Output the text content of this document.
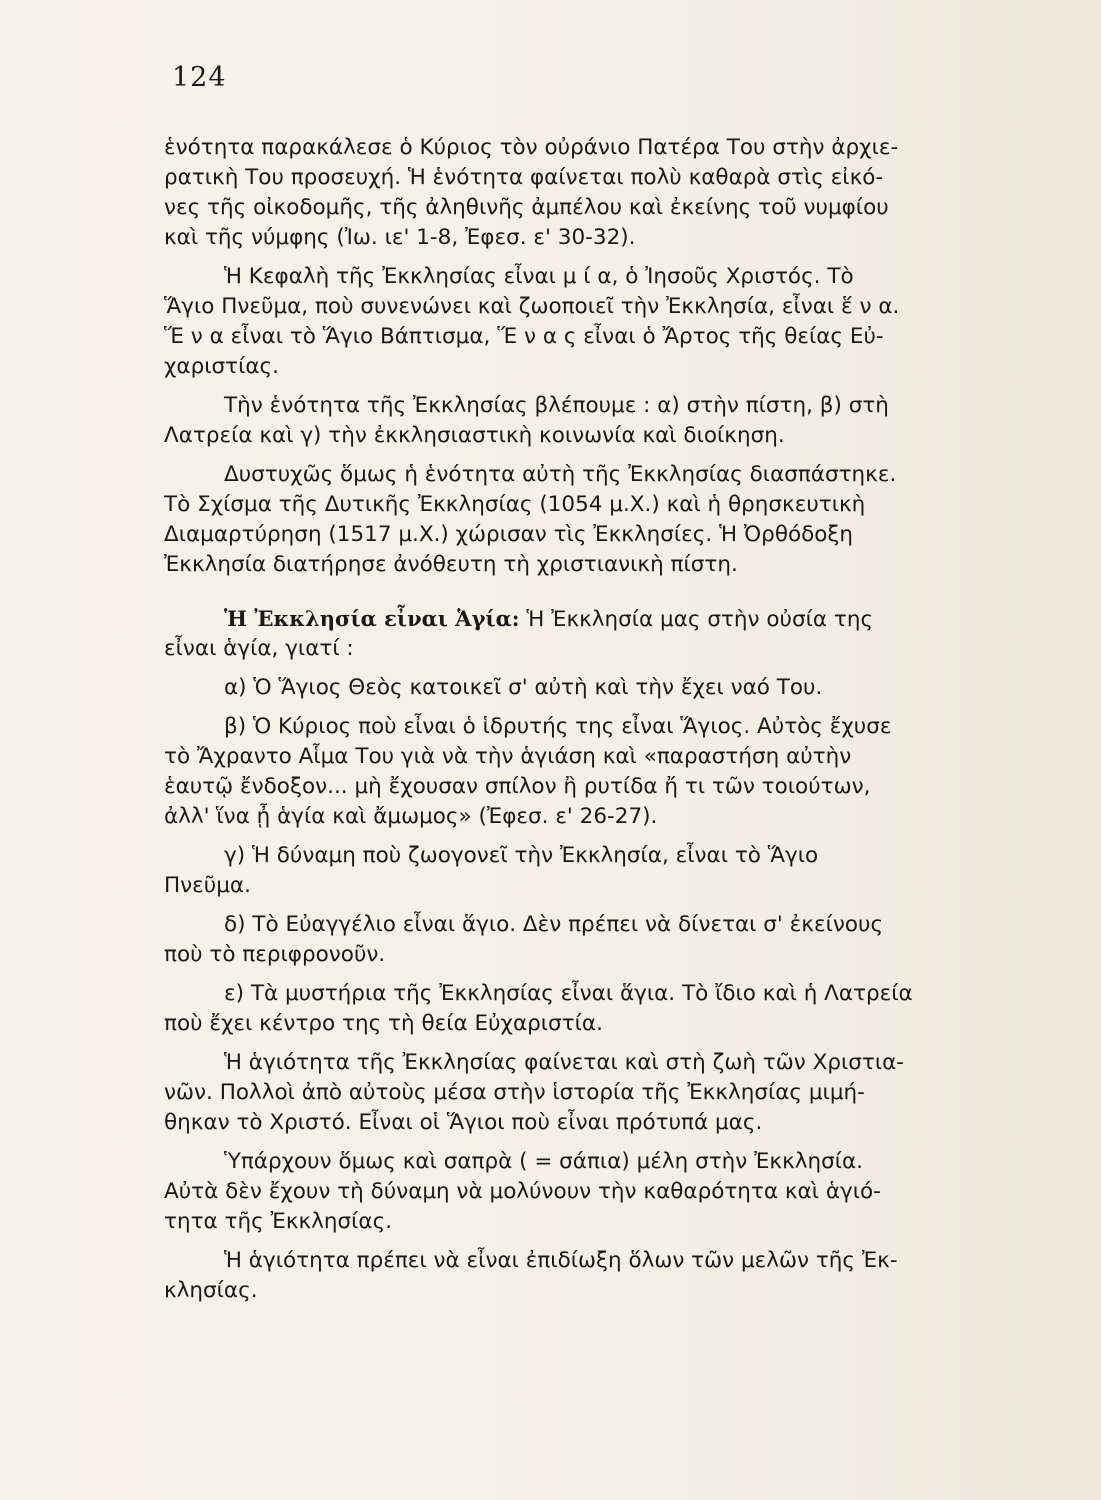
124
ἑνότητα παρακάλεσε ὁ Κύριος τὸν οὐράνιο Πατέρα Του στὴν ἀρχιε-
ρατικὴ Του προσευχή. Ἡ ἑνότητα φαίνεται πολὺ καθαρὰ στὶς εἰκό-
νες τῆς οἰκοδομῆς, τῆς ἀληθινῆς ἀμπέλου καὶ ἐκείνης τοῦ νυμφίου
καὶ τῆς νύμφης (Ἰω. ιε' 1-8, Ἐφεσ. ε' 30-32).
Ἡ Κεφαλὴ τῆς Ἐκκλησίας εἶναι μ ί α, ὁ Ἰησοῦς Χριστός. Τὸ
Ἅγιο Πνεῦμα, ποὺ συνενώνει καὶ ζωοποιεῖ τὴν Ἐκκλησία, εἶναι ἕ ν α.
Ἕ ν α εἶναι τὸ Ἅγιο Βάπτισμα, Ἕ ν α ς εἶναι ὁ Ἄρτος τῆς θείας Εὐ-
χαριστίας.
Τὴν ἑνότητα τῆς Ἐκκλησίας βλέπουμε : α) στὴν πίστη, β) στὴ
Λατρεία καὶ γ) τὴν ἐκκλησιαστικὴ κοινωνία καὶ διοίκηση.
Δυστυχῶς ὅμως ἡ ἑνότητα αὐτὴ τῆς Ἐκκλησίας διασπάστηκε.
Τὸ Σχίσμα τῆς Δυτικῆς Ἐκκλησίας (1054 μ.Χ.) καὶ ἡ θρησκευτικὴ
Διαμαρτύρηση (1517 μ.Χ.) χώρισαν τὶς Ἐκκλησίες. Ἡ Ὀρθόδοξη
Ἐκκλησία διατήρησε ἀνόθευτη τὴ χριστιανικὴ πίστη.
Ἡ Ἐκκλησία εἶναι Ἁγία: Ἡ Ἐκκλησία μας στὴν οὐσία της
εἶναι ἁγία, γιατί :
α) Ὁ Ἅγιος Θεὸς κατοικεῖ σ' αὐτὴ καὶ τὴν ἔχει ναό Του.
β) Ὁ Κύριος ποὺ εἶναι ὁ ἱδρυτής της εἶναι Ἅγιος. Αὐτὸς ἔχυσε
τὸ Ἄχραντο Αἷμα Του γιὰ νὰ τὴν ἁγιάση καὶ «παραστήση αὐτὴν
ἑαυτῷ ἔνδοξον... μὴ ἔχουσαν σπίλον ἢ ρυτίδα ἤ τι τῶν τοιούτων,
ἀλλ' ἵνα ᾖ ἁγία καὶ ἄμωμος» (Ἐφεσ. ε' 26-27).
γ) Ἡ δύναμη ποὺ ζωογονεῖ τὴν Ἐκκλησία, εἶναι τὸ Ἅγιο
Πνεῦμα.
δ) Τὸ Εὐαγγέλιο εἶναι ἅγιο. Δὲν πρέπει νὰ δίνεται σ' ἐκείνους
ποὺ τὸ περιφρονοῦν.
ε) Τὰ μυστήρια τῆς Ἐκκλησίας εἶναι ἅγια. Τὸ ἴδιο καὶ ἡ Λατρεία
ποὺ ἔχει κέντρο της τὴ θεία Εὐχαριστία.
Ἡ ἁγιότητα τῆς Ἐκκλησίας φαίνεται καὶ στὴ ζωὴ τῶν Χριστια-
νῶν. Πολλοὶ ἀπὸ αὐτοὺς μέσα στὴν ἱστορία τῆς Ἐκκλησίας μιμή-
θηκαν τὸ Χριστό. Εἶναι οἱ Ἅγιοι ποὺ εἶναι πρότυπά μας.
Ὑπάρχουν ὅμως καὶ σαπρὰ ( = σάπια) μέλη στὴν Ἐκκλησία.
Αὐτὰ δὲν ἔχουν τὴ δύναμη νὰ μολύνουν τὴν καθαρότητα καὶ ἁγιό-
τητα τῆς Ἐκκλησίας.
Ἡ ἁγιότητα πρέπει νὰ εἶναι ἐπιδίωξη ὅλων τῶν μελῶν τῆς Ἐκ-
κλησίας.
